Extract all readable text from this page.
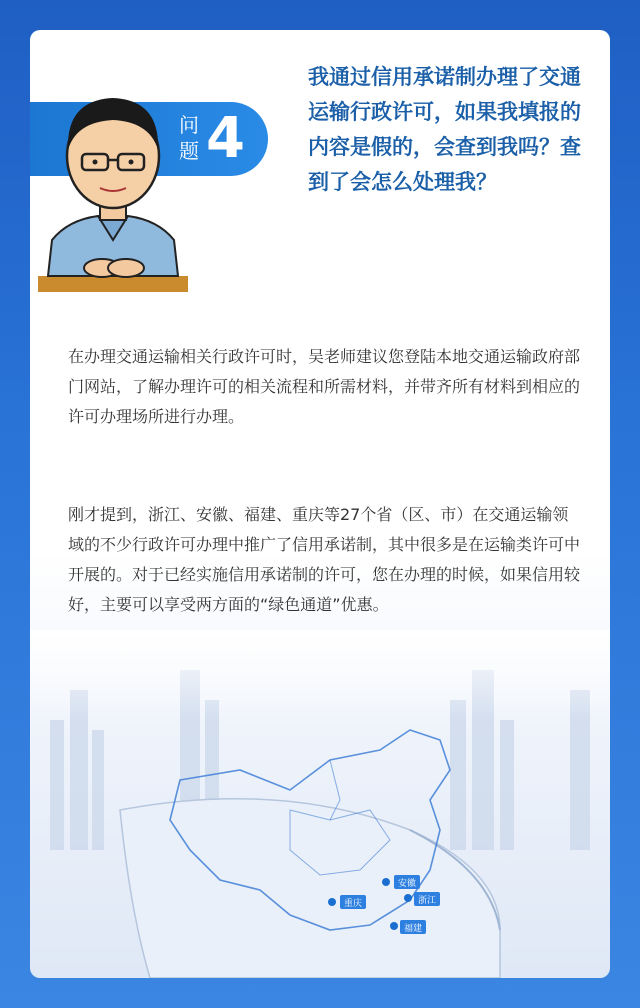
安徽
重庆	浙江
福建
问
题 4
我通过信用承诺制办理了交通运输行政许可，如果我填报的内容是假的，会查到我吗？查到了会怎么处理我？

在办理交通运输相关行政许可时，吴老师建议您登陆本地交通运输政府部门网站，了解办理许可的相关流程和所需材料，并带齐所有材料到相应的许可办理场所进行办理。

刚才提到，浙江、安徽、福建、重庆等27个省（区、市）在交通运输领域的不少行政许可办理中推广了信用承诺制，其中很多是在运输类许可中开展的。对于已经实施信用承诺制的许可，您在办理的时候，如果信用较好，主要可以享受两方面的“绿色通道”优惠。
